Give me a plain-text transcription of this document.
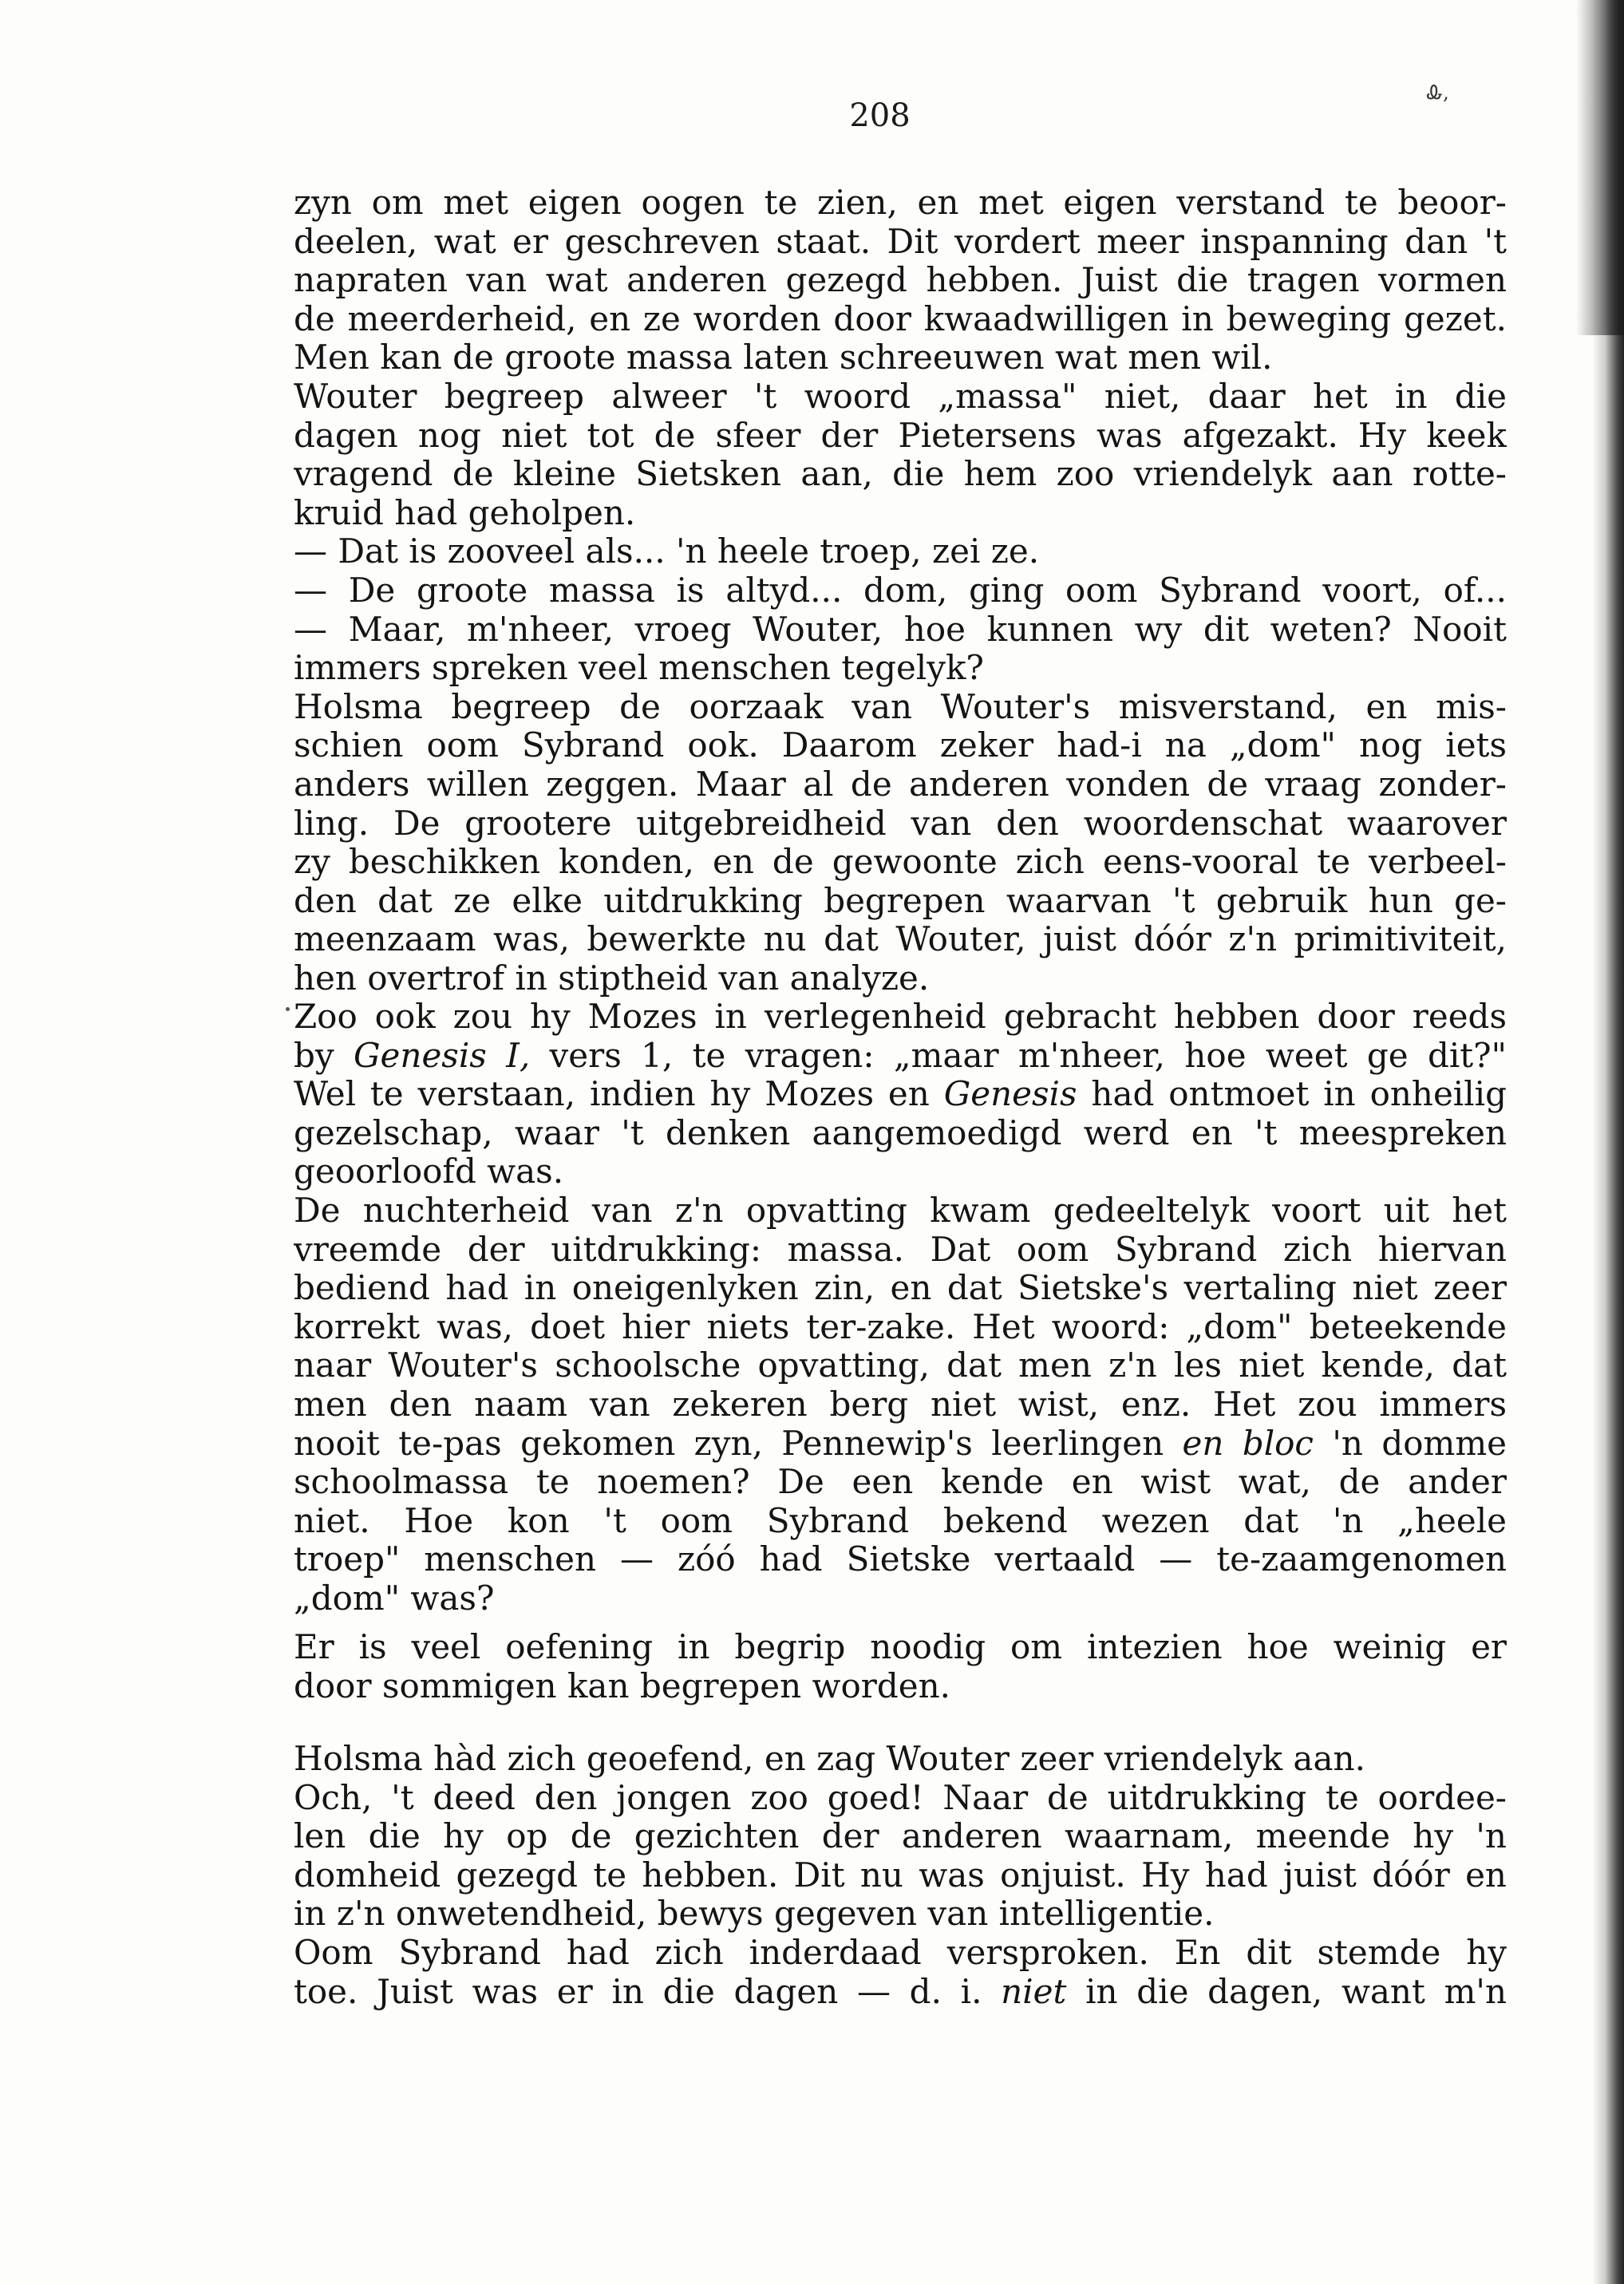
208
Ꮂ,
zyn om met eigen oogen te zien, en met eigen verstand te beoor-
deelen, wat er geschreven staat. Dit vordert meer inspanning dan 't
napraten van wat anderen gezegd hebben. Juist die tragen vormen
de meerderheid, en ze worden door kwaadwilligen in beweging gezet.
Men kan de groote massa laten schreeuwen wat men wil.
Wouter begreep alweer 't woord „massa" niet, daar het in die
dagen nog niet tot de sfeer der Pietersens was afgezakt. Hy keek
vragend de kleine Sietsken aan, die hem zoo vriendelyk aan rotte-
kruid had geholpen.
— Dat is zooveel als... 'n heele troep, zei ze.
— De groote massa is altyd... dom, ging oom Sybrand voort, of...
— Maar, m'nheer, vroeg Wouter, hoe kunnen wy dit weten? Nooit
immers spreken veel menschen tegelyk?
Holsma begreep de oorzaak van Wouter's misverstand, en mis-
schien oom Sybrand ook. Daarom zeker had-i na „dom" nog iets
anders willen zeggen. Maar al de anderen vonden de vraag zonder-
ling. De grootere uitgebreidheid van den woordenschat waarover
zy beschikken konden, en de gewoonte zich eens-vooral te verbeel-
den dat ze elke uitdrukking begrepen waarvan 't gebruik hun ge-
meenzaam was, bewerkte nu dat Wouter, juist dóór z'n primitiviteit,
hen overtrof in stiptheid van analyze.
Zoo ook zou hy Mozes in verlegenheid gebracht hebben door reeds
by Genesis I, vers 1, te vragen: „maar m'nheer, hoe weet ge dit?"
Wel te verstaan, indien hy Mozes en Genesis had ontmoet in onheilig
gezelschap, waar 't denken aangemoedigd werd en 't meespreken
geoorloofd was.
De nuchterheid van z'n opvatting kwam gedeeltelyk voort uit het
vreemde der uitdrukking: massa. Dat oom Sybrand zich hiervan
bediend had in oneigenlyken zin, en dat Sietske's vertaling niet zeer
korrekt was, doet hier niets ter-zake. Het woord: „dom" beteekende
naar Wouter's schoolsche opvatting, dat men z'n les niet kende, dat
men den naam van zekeren berg niet wist, enz. Het zou immers
nooit te-pas gekomen zyn, Pennewip's leerlingen en bloc 'n domme
schoolmassa te noemen? De een kende en wist wat, de ander
niet. Hoe kon 't oom Sybrand bekend wezen dat 'n „heele
troep" menschen — zóó had Sietske vertaald — te-zaamgenomen
„dom" was?
Er is veel oefening in begrip noodig om intezien hoe weinig er
door sommigen kan begrepen worden.
Holsma hàd zich geoefend, en zag Wouter zeer vriendelyk aan.
Och, 't deed den jongen zoo goed! Naar de uitdrukking te oordee-
len die hy op de gezichten der anderen waarnam, meende hy 'n
domheid gezegd te hebben. Dit nu was onjuist. Hy had juist dóór en
in z'n onwetendheid, bewys gegeven van intelligentie.
Oom Sybrand had zich inderdaad versproken. En dit stemde hy
toe. Juist was er in die dagen — d. i. niet in die dagen, want m'n
